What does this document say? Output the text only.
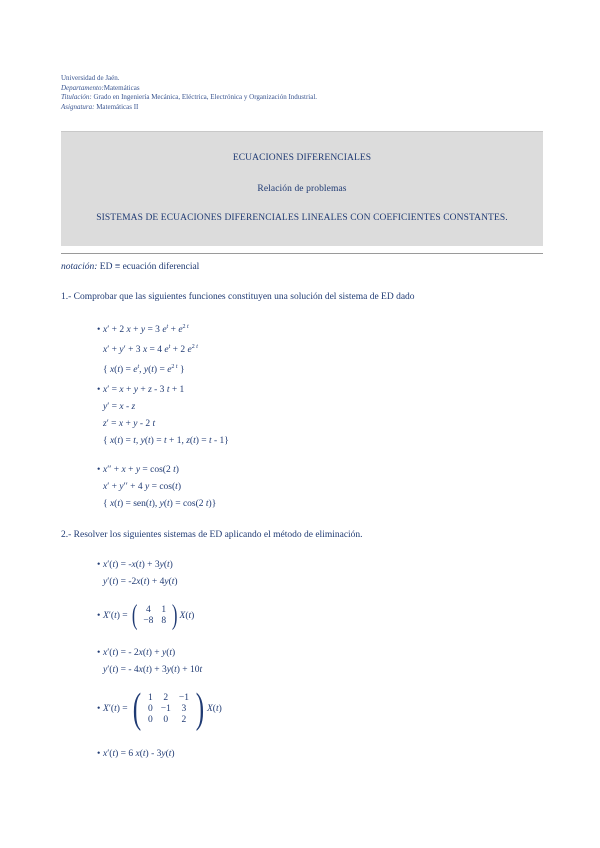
Universidad de Jaén.
Departamento:Matemáticas
Titulación: Grado en Ingeniería Mecánica, Eléctrica, Electrónica y Organización Industrial.
Asignatura: Matemáticas II
ECUACIONES DIFERENCIALES
Relación de problemas
SISTEMAS DE ECUACIONES DIFERENCIALES LINEALES CON COEFICIENTES CONSTANTES.
notación: ED ≡ ecuación diferencial
1.- Comprobar que las siguientes funciones constituyen una solución del sistema de ED dado
• x′ + 2 x + y = 3 $e^t + e^{2 t}$
x′ + y′ + 3 x = 4 $e^t + 2$ $e^{2 t}$
{ $x(t) = e^t$, $y(t) = e^{2 t}$ }
• x′ = x + y + z - 3 t + 1
y′ = x - z
z′ = x + y - 2 t
{ x(t) = t, y(t) = t + 1, z(t) = t - 1}
• x′′ + x + y = cos(2 t)
x′ + y′′ + 4 y = cos(t)
{ x(t) = sen(t), y(t) = cos(2 t)}
2.- Resolver los siguientes sistemas de ED aplicando el método de eliminación.
• x′(t) = -x(t) + 3y(t)
y′(t) = -2x(t) + 4y(t)
• X′(t) = ( 4	1
−8	8 ) X(t)
• x′(t) = - 2x(t) + y(t)
y′(t) = - 4x(t) + 3y(t) + 10t
• X′(t) = ( 1	2	−1
0	−1	3
0	0	2 ) X(t)
• x′(t) = 6 x(t) - 3y(t)
